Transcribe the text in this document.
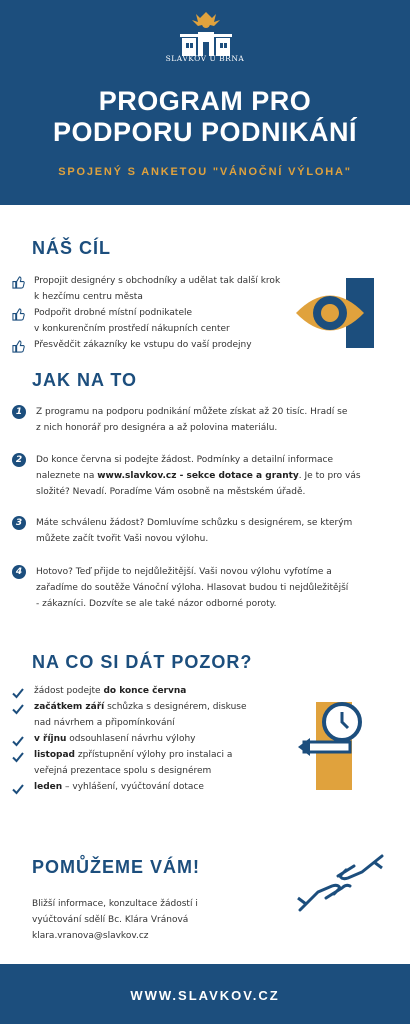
SLAVKOV U BRNA
PROGRAM PRO
PODPORU PODNIKÁNÍ
SPOJENÝ S ANKETOU "VÁNOČNÍ VÝLOHA"
NÁŠ CÍL
Propojit designéry s obchodníky a udělat tak další krok
k hezčímu centru města
Podpořit drobné místní podnikatele
v konkurenčním prostředí nákupních center
Přesvědčit zákazníky ke vstupu do vaší prodejny
JAK NA TO
1	Z programu na podporu podnikání můžete získat až 20 tisíc. Hradí se
z nich honorář pro designéra a až polovina materiálu.
2	Do konce června si podejte žádost. Podmínky a detailní informace
naleznete na www.slavkov.cz - sekce dotace a granty. Je to pro vás
složité? Nevadí. Poradíme Vám osobně na městském úřadě.
3	Máte schválenu žádost? Domluvíme schůzku s designérem, se kterým
můžete začít tvořit Vaši novou výlohu.
4	Hotovo? Teď přijde to nejdůležitější. Vaši novou výlohu vyfotíme a
zařadíme do soutěže Vánoční výloha. Hlasovat budou ti nejdůležitější
- zákazníci. Dozvíte se ale také názor odborné poroty.
NA CO SI DÁT POZOR?
žádost podejte do konce června
začátkem září schůzka s designérem, diskuse
nad návrhem a připomínkování
v říjnu odsouhlasení návrhu výlohy
listopad zpřístupnění výlohy pro instalaci a
veřejná prezentace spolu s designérem
leden – vyhlášení, vyúčtování dotace
POMŮŽEME VÁM!
Bližší informace, konzultace žádostí i
vyúčtování sdělí Bc. Klára Vránová
klara.vranova@slavkov.cz
WWW.SLAVKOV.CZ
